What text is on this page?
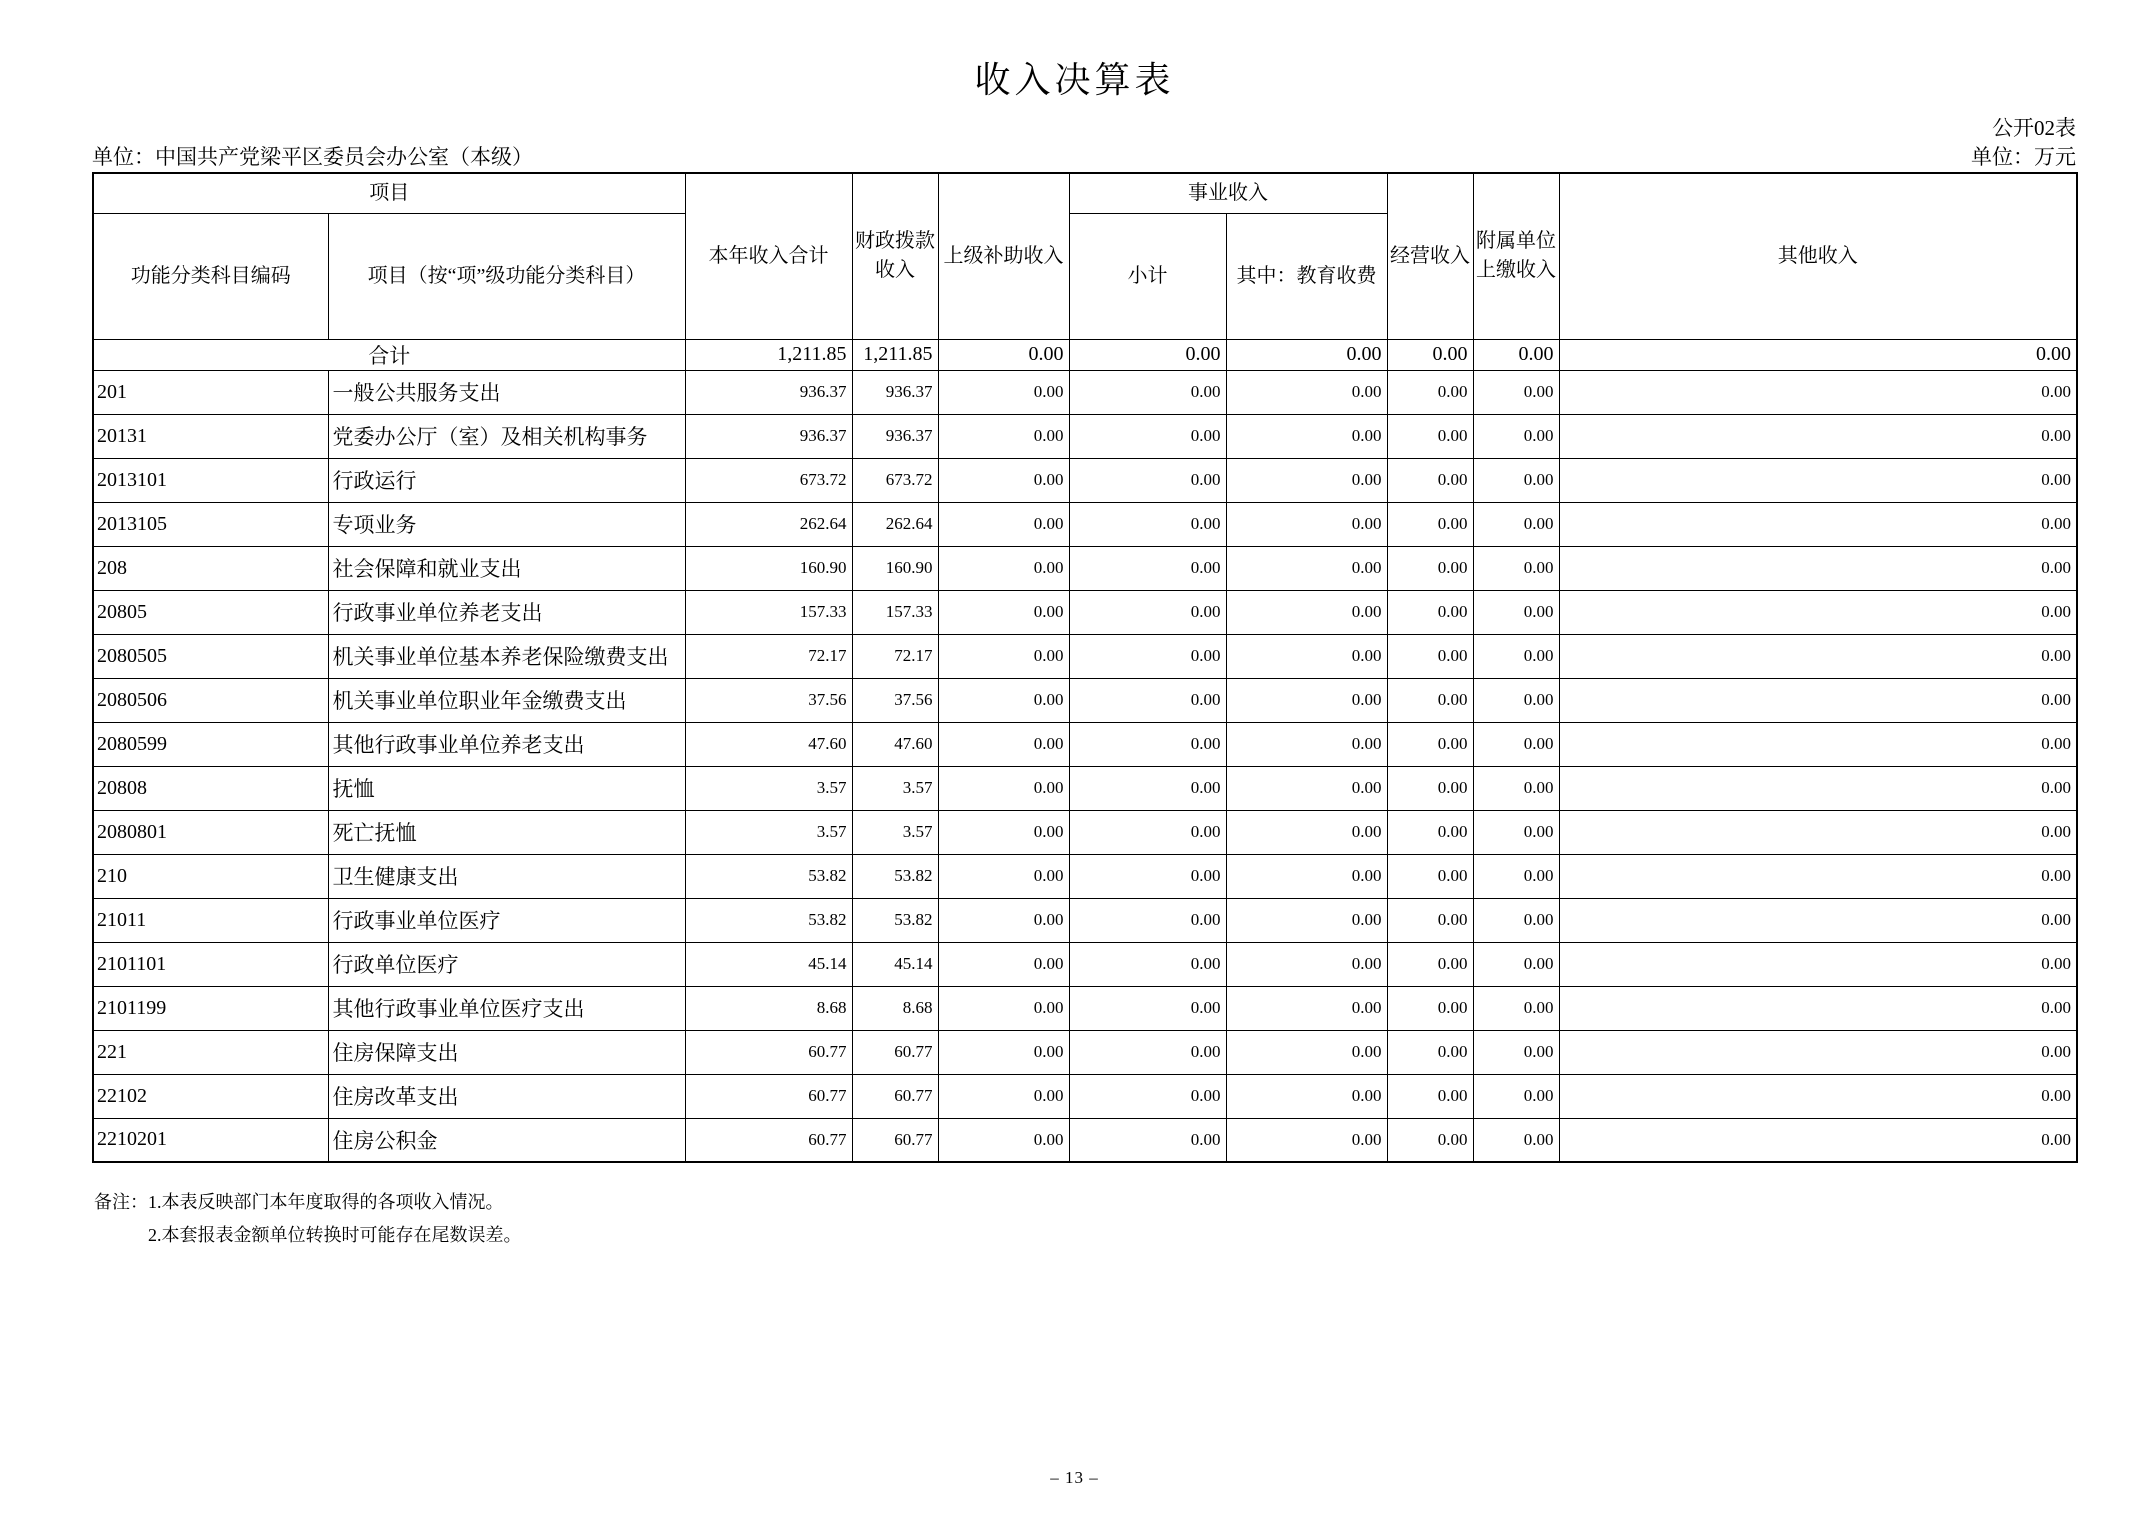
收入决算表
公开02表
单位：中国共产党梁平区委员会办公室（本级）	单位：万元
项目		本年收入合计	财政拨款收入	上级补助收入	事业收入		经营收入	附属单位上缴收入	其他收入
功能分类科目编码	项目（按“项”级功能分类科目）				小计	其中：教育收费			
合计		1,211.85	1,211.85	0.00	0.00	0.00	0.00	0.00	0.00
201	一般公共服务支出	936.37	936.37	0.00	0.00	0.00	0.00	0.00	0.00
20131	党委办公厅（室）及相关机构事务	936.37	936.37	0.00	0.00	0.00	0.00	0.00	0.00
2013101	行政运行	673.72	673.72	0.00	0.00	0.00	0.00	0.00	0.00
2013105	专项业务	262.64	262.64	0.00	0.00	0.00	0.00	0.00	0.00
208	社会保障和就业支出	160.90	160.90	0.00	0.00	0.00	0.00	0.00	0.00
20805	行政事业单位养老支出	157.33	157.33	0.00	0.00	0.00	0.00	0.00	0.00
2080505	机关事业单位基本养老保险缴费支出	72.17	72.17	0.00	0.00	0.00	0.00	0.00	0.00
2080506	机关事业单位职业年金缴费支出	37.56	37.56	0.00	0.00	0.00	0.00	0.00	0.00
2080599	其他行政事业单位养老支出	47.60	47.60	0.00	0.00	0.00	0.00	0.00	0.00
20808	抚恤	3.57	3.57	0.00	0.00	0.00	0.00	0.00	0.00
2080801	死亡抚恤	3.57	3.57	0.00	0.00	0.00	0.00	0.00	0.00
210	卫生健康支出	53.82	53.82	0.00	0.00	0.00	0.00	0.00	0.00
21011	行政事业单位医疗	53.82	53.82	0.00	0.00	0.00	0.00	0.00	0.00
2101101	行政单位医疗	45.14	45.14	0.00	0.00	0.00	0.00	0.00	0.00
2101199	其他行政事业单位医疗支出	8.68	8.68	0.00	0.00	0.00	0.00	0.00	0.00
221	住房保障支出	60.77	60.77	0.00	0.00	0.00	0.00	0.00	0.00
22102	住房改革支出	60.77	60.77	0.00	0.00	0.00	0.00	0.00	0.00
2210201	住房公积金	60.77	60.77	0.00	0.00	0.00	0.00	0.00	0.00
备注：1.本表反映部门本年度取得的各项收入情况。
2.本套报表金额单位转换时可能存在尾数误差。
– 13 –
